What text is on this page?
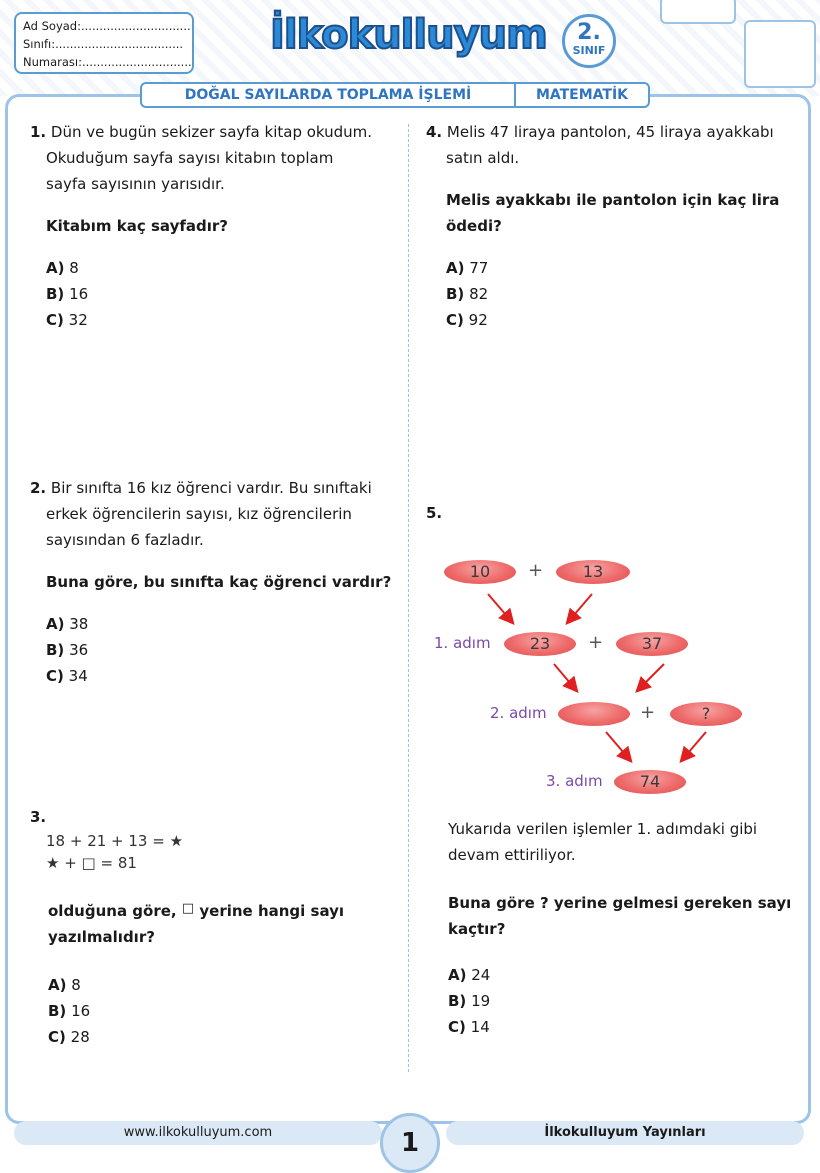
Ad Soyad:..............................
Sınıfı:...................................
Numarası:..............................
İlkokulluyum	2.
SINIF
DOĞAL SAYILARDA TOPLAMA İŞLEMİ	MATEMATİK
1. Dün ve bugün sekizer sayfa kitap okudum.
Okuduğum sayfa sayısı kitabın toplam
sayfa sayısının yarısıdır.
Kitabım kaç sayfadır?
A) 8
B) 16
C) 32
2. Bir sınıfta 16 kız öğrenci vardır. Bu sınıftaki
erkek öğrencilerin sayısı, kız öğrencilerin
sayısından 6 fazladır.
Buna göre, bu sınıfta kaç öğrenci vardır?
A) 38
B) 36
C) 34
3.
18 + 21 + 13 = ★
★ + □ = 81
olduğuna göre, □ yerine hangi sayı
yazılmalıdır?
A) 8
B) 16
C) 28
4. Melis 47 liraya pantolon, 45 liraya ayakkabı
satın aldı.
Melis ayakkabı ile pantolon için kaç lira
ödedi?
A) 77
B) 82
C) 92
5.
10	+	13
1. adım	23	+	37
2. adım	+	?
3. adım	74
Yukarıda verilen işlemler 1. adımdaki gibi
devam ettiriliyor.
Buna göre ? yerine gelmesi gereken sayı
kaçtır?
A) 24
B) 19
C) 14
www.ilkokulluyum.com	İlkokulluyum Yayınları
1
